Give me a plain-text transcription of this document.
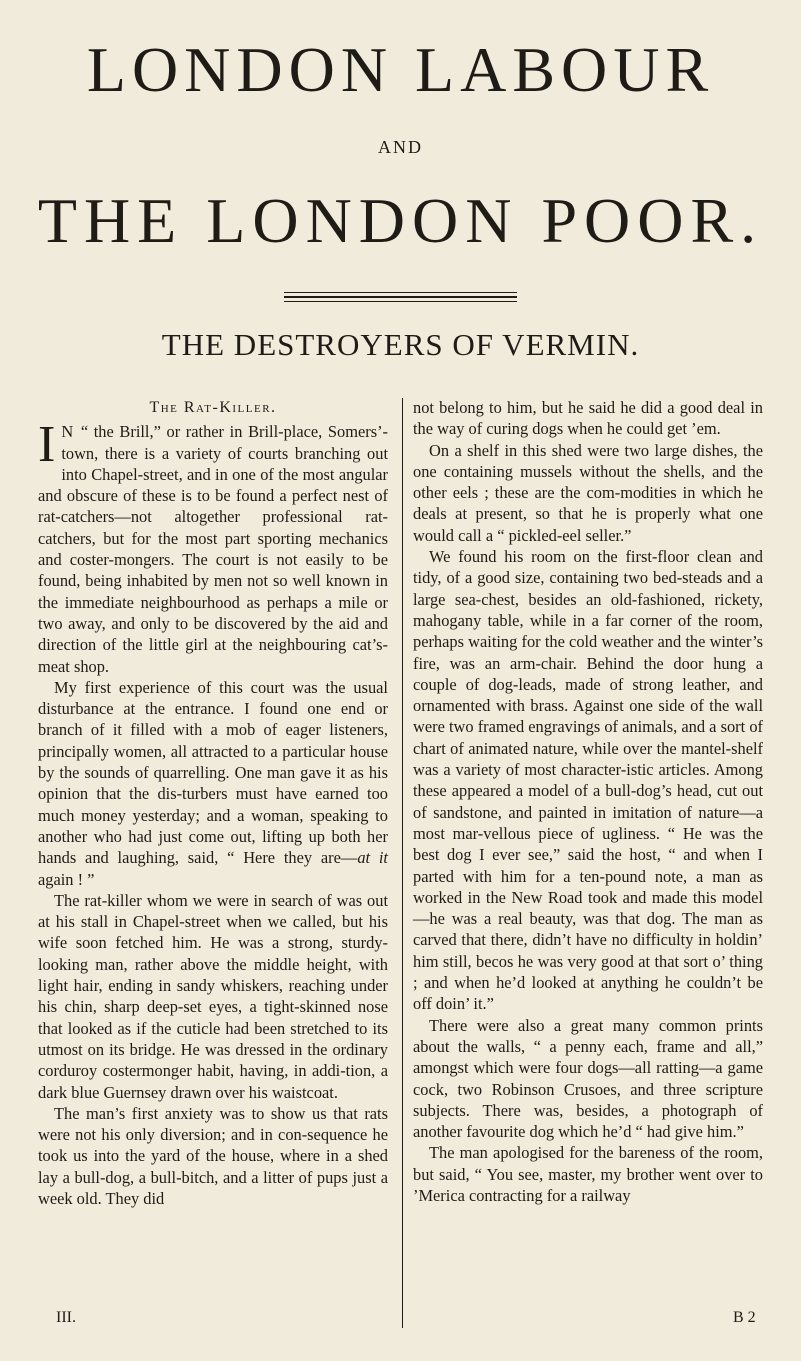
LONDON LABOUR
AND
THE LONDON POOR.
THE DESTROYERS OF VERMIN.
The Rat-Killer.

I N “ the Brill,” or rather in Brill-place, Somers’-town, there is a variety of courts branching out into Chapel-street, and in one of the most angular and obscure of these is to be found a perfect nest of rat-catchers—not altogether professional rat-catchers, but for the most part sporting mechanics and coster-mongers. The court is not easily to be found, being inhabited by men not so well known in the immediate neighbourhood as perhaps a mile or two away, and only to be discovered by the aid and direction of the little girl at the neighbouring cat’s-meat shop.

My first experience of this court was the usual disturbance at the entrance. I found one end or branch of it filled with a mob of eager listeners, principally women, all attracted to a particular house by the sounds of quarrelling. One man gave it as his opinion that the dis-turbers must have earned too much money yesterday; and a woman, speaking to another who had just come out, lifting up both her hands and laughing, said, “ Here they are—at it again ! ”

The rat-killer whom we were in search of was out at his stall in Chapel-street when we called, but his wife soon fetched him. He was a strong, sturdy-looking man, rather above the middle height, with light hair, ending in sandy whiskers, reaching under his chin, sharp deep-set eyes, a tight-skinned nose that looked as if the cuticle had been stretched to its utmost on its bridge. He was dressed in the ordinary corduroy costermonger habit, having, in addi-tion, a dark blue Guernsey drawn over his waistcoat.

The man’s first anxiety was to show us that rats were not his only diversion; and in con-sequence he took us into the yard of the house, where in a shed lay a bull-dog, a bull-bitch, and a litter of pups just a week old. They did

not belong to him, but he said he did a good deal in the way of curing dogs when he could get ’em.

On a shelf in this shed were two large dishes, the one containing mussels without the shells, and the other eels ; these are the com-modities in which he deals at present, so that he is properly what one would call a “ pickled-eel seller.”

We found his room on the first-floor clean and tidy, of a good size, containing two bed-steads and a large sea-chest, besides an old-fashioned, rickety, mahogany table, while in a far corner of the room, perhaps waiting for the cold weather and the winter’s fire, was an arm-chair. Behind the door hung a couple of dog-leads, made of strong leather, and ornamented with brass. Against one side of the wall were two framed engravings of animals, and a sort of chart of animated nature, while over the mantel-shelf was a variety of most character-istic articles. Among these appeared a model of a bull-dog’s head, cut out of sandstone, and painted in imitation of nature—a most mar-vellous piece of ugliness. “ He was the best dog I ever see,” said the host, “ and when I parted with him for a ten-pound note, a man as worked in the New Road took and made this model—he was a real beauty, was that dog. The man as carved that there, didn’t have no difficulty in holdin’ him still, becos he was very good at that sort o’ thing ; and when he’d looked at anything he couldn’t be off doin’ it.”

There were also a great many common prints about the walls, “ a penny each, frame and all,” amongst which were four dogs—all ratting—a game cock, two Robinson Crusoes, and three scripture subjects. There was, besides, a photograph of another favourite dog which he’d “ had give him.”

The man apologised for the bareness of the room, but said, “ You see, master, my brother went over to ’Merica contracting for a railway

III.	B 2
